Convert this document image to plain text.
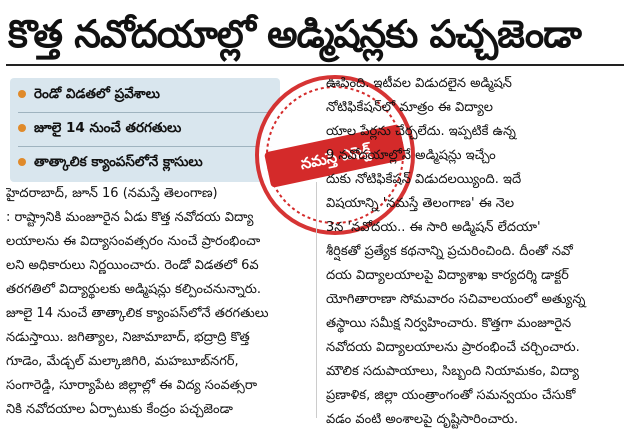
కొత్త నవోదయాల్లో అడ్మిషన్లకు పచ్చజెండా
రెండో విడతలో ప్రవేశాలు
జూలై 14 నుంచే తరగతులు
తాత్కాలిక క్యాంపస్‌లోనే క్లాసులు	నమస్తే ఎఫెక్ట్
హైదరాబాద్, జూన్ 16 (నమస్తే తెలంగాణ)
: రాష్ట్రానికి మంజూరైన ఏడు కొత్త నవోదయ విద్యా
లయాలను ఈ విద్యాసంవత్సరం నుంచే ప్రారంభించా
లని అధికారులు నిర్ణయించారు. రెండో విడతలో 6వ
తరగతిలో విద్యార్థులకు అడ్మిషన్లు కల్పించనున్నారు.
జూలై 14 నుంచే తాత్కాలిక క్యాంపస్‌లోనే తరగతులు
నడుస్తాయి. జగిత్యాల, నిజామాబాద్, భద్రాద్రి కొత్త
గూడెం, మేడ్చల్ మల్కాజిగిరి, మహబూబ్‌నగర్,
సంగారెడ్డి, సూర్యాపేట జిల్లాల్లో ఈ విద్య సంవత్సరా
నికి నవోదయాల ఏర్పాటుకు కేంద్రం పచ్చజెండా
ఊపింది. ఇటీవల విడుదలైన అడ్మిషన్
నోటిఫికేషన్‌లో మాత్రం ఈ విద్యాల
యాల పేర్లను చేర్చలేదు. ఇప్పటికే ఉన్న
9 నవోదయాల్లోనే అడ్మిషన్లు ఇచ్చేం
దుకు నోటిఫికేషన్ విడుదలయ్యింది. ఇదే
విషయాన్ని 'నమస్తే తెలంగాణ' ఈ నెల
3న 'నవోదయ.. ఈ సారి అడ్మిషన్ లేదయా'
శీర్షికతో ప్రత్యేక కథనాన్ని ప్రచురించింది. దీంతో నవో
దయ విద్యాలయాలపై విద్యాశాఖ కార్యదర్శి డాక్టర్
యోగితారాణా సోమవారం సచివాలయంలో అత్యున్న
తస్థాయి సమీక్ష నిర్వహించారు. కొత్తగా మంజూరైన
నవోదయ విద్యాలయాలను ప్రారంభించే చర్చించారు.
మౌలిక సదుపాయాలు, సిబ్బంది నియామకం, విద్యా
ప్రణాళిక, జిల్లా యంత్రాంగంతో సమన్వయం చేసుకో
వడం వంటి అంశాలపై దృష్టిసారించారు.
